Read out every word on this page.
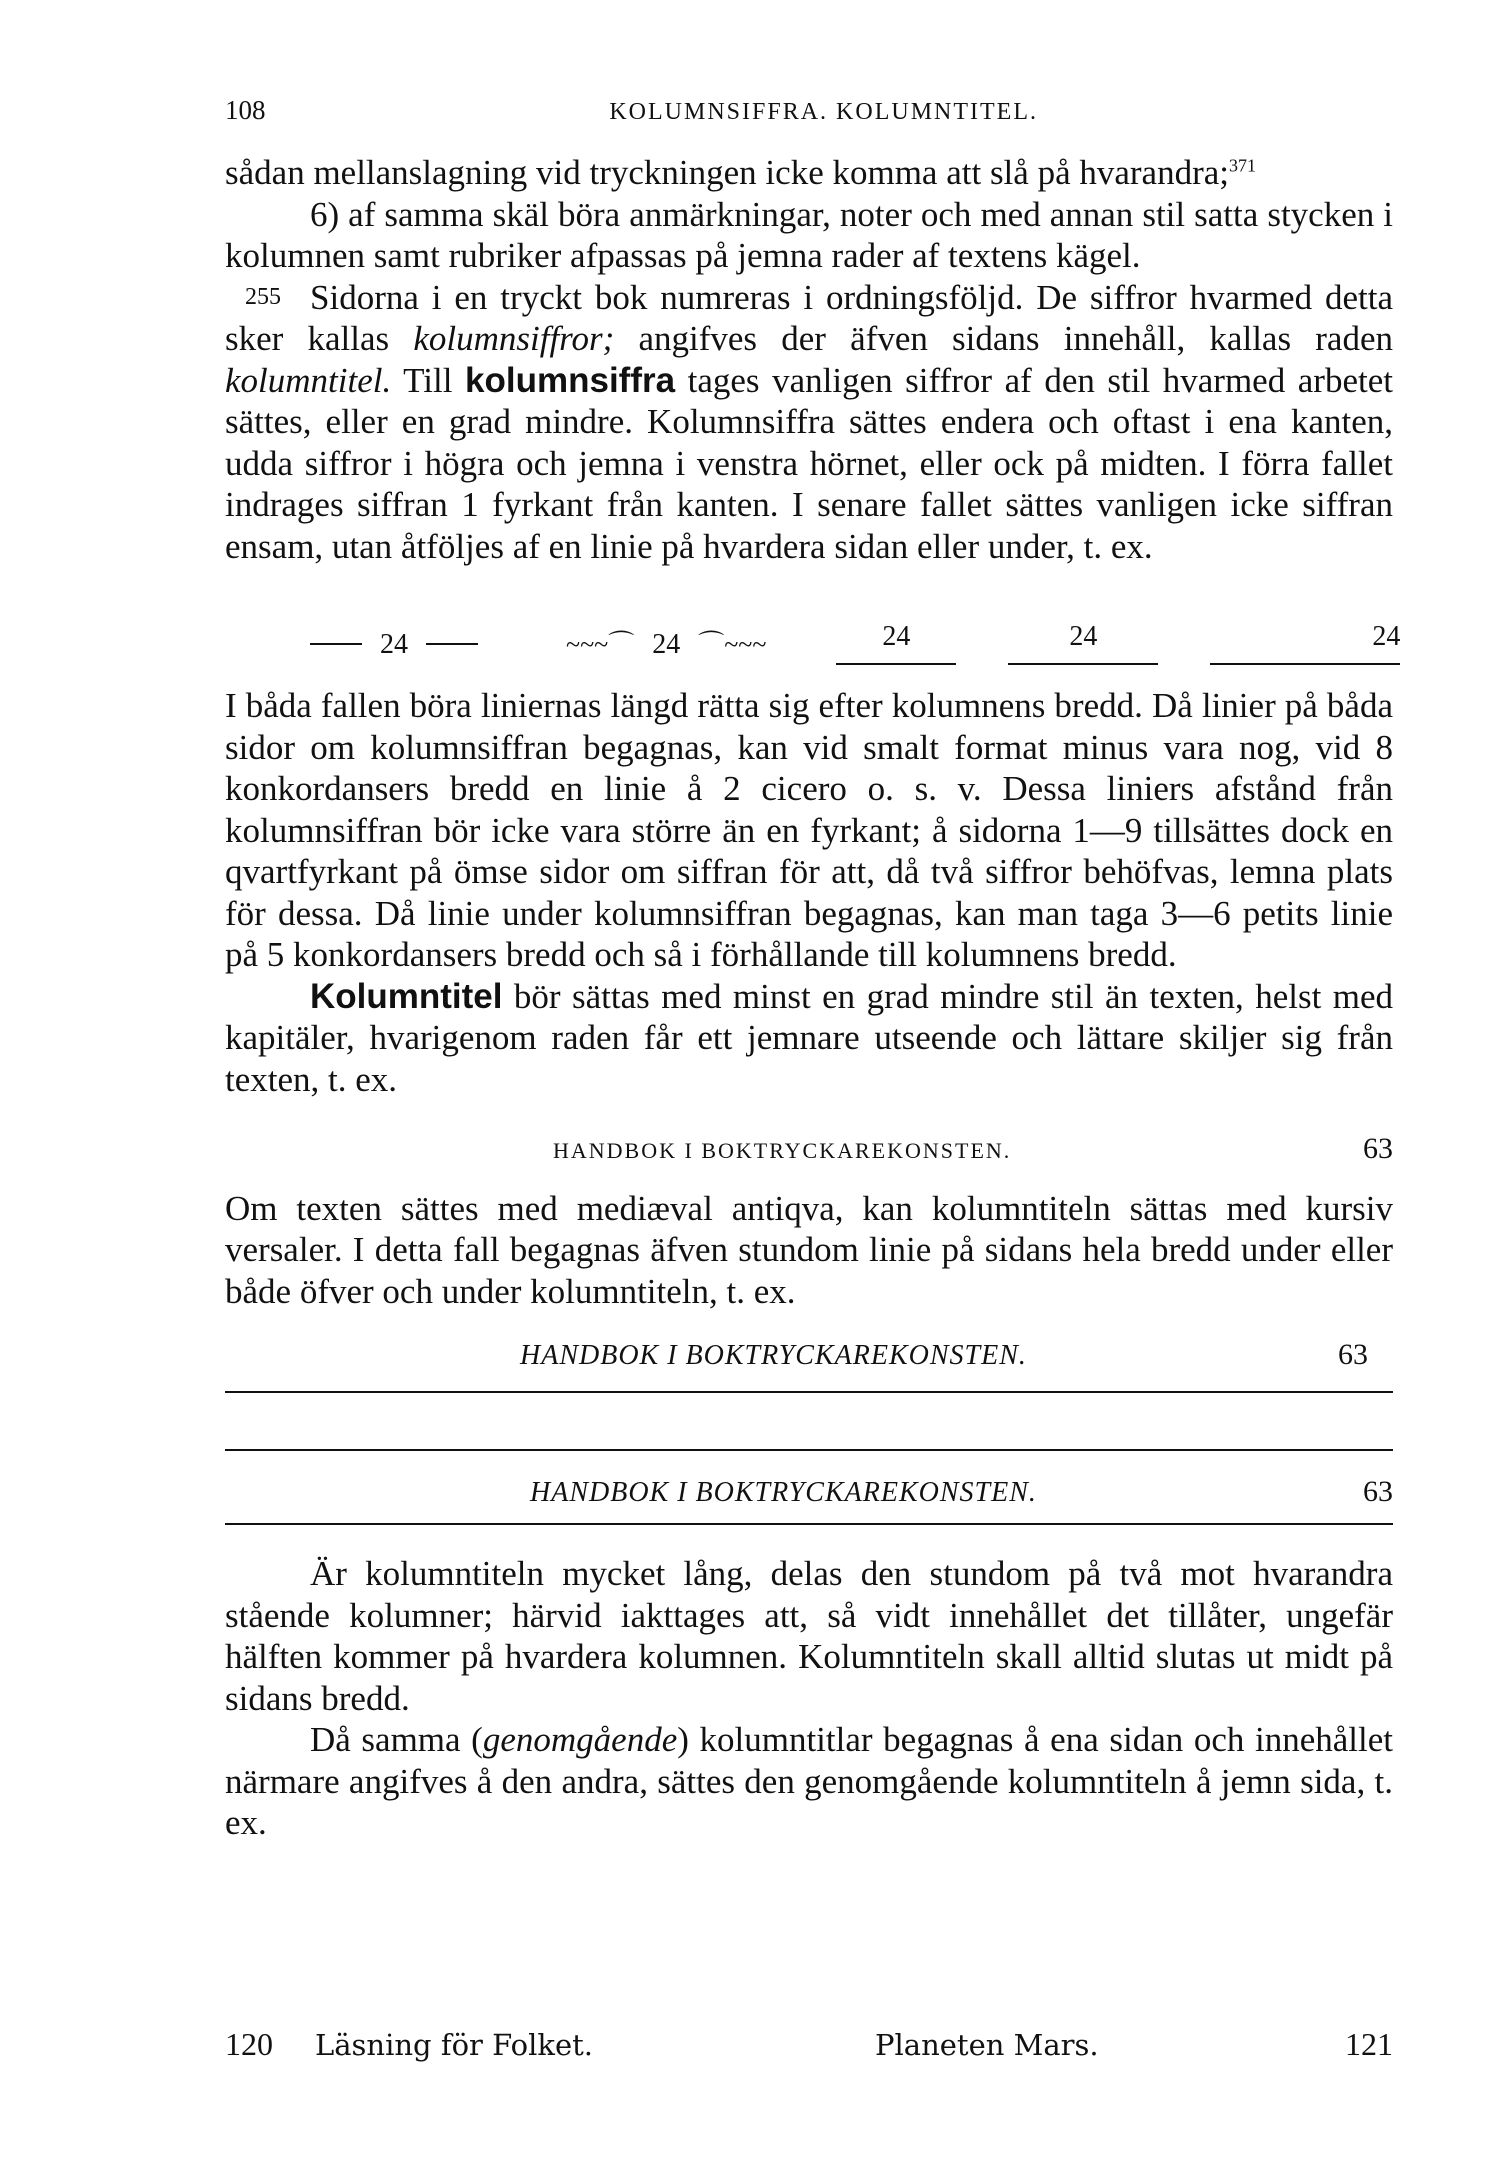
108	KOLUMNSIFFRA. KOLUMNTITEL.

sådan mellanslagning vid tryckningen icke komma att slå på hvarandra;$^{371}$

6) af samma skäl böra anmärkningar, noter och med annan stil satta stycken i kolumnen samt rubriker afpassas på jemna rader af textens kägel.

255 Sidorna i en tryckt bok numreras i ordningsföljd. De siffror hvarmed detta sker kallas kolumnsiffror; angifves der äfven sidans innehåll, kallas raden kolumntitel. Till kolumnsiffra tages vanligen siffror af den stil hvarmed arbetet sättes, eller en grad mindre. Kolumnsiffra sättes endera och oftast i ena kanten, udda siffror i högra och jemna i venstra hörnet, eller ock på midten. I förra fallet indrages siffran 1 fyrkant från kanten. I senare fallet sättes vanligen icke siffran ensam, utan åtföljes af en linie på hvardera sidan eller under, t. ex.

24	~~~⌒ 24 ⌒~~~	24	24	24

I båda fallen böra liniernas längd rätta sig efter kolumnens bredd. Då linier på båda sidor om kolumnsiffran begagnas, kan vid smalt format minus vara nog, vid 8 konkordansers bredd en linie å 2 cicero o. s. v. Dessa liniers afstånd från kolumnsiffran bör icke vara större än en fyrkant; å sidorna 1—9 tillsättes dock en qvartfyrkant på ömse sidor om siffran för att, då två siffror behöfvas, lemna plats för dessa. Då linie under kolumnsiffran begagnas, kan man taga 3—6 petits linie på 5 konkordansers bredd och så i förhållande till kolumnens bredd.

Kolumntitel bör sättas med minst en grad mindre stil än texten, helst med kapitäler, hvarigenom raden får ett jemnare utseende och lättare skiljer sig från texten, t. ex.

HANDBOK I BOKTRYCKAREKONSTEN.	63

Om texten sättes med mediæval antiqva, kan kolumntiteln sättas med kursiv versaler. I detta fall begagnas äfven stundom linie på sidans hela bredd under eller både öfver och under kolumntiteln, t. ex.

HANDBOK I BOKTRYCKAREKONSTEN.	63
HANDBOK I BOKTRYCKAREKONSTEN.	63

Är kolumntiteln mycket lång, delas den stundom på två mot hvarandra stående kolumner; härvid iakttages att, så vidt innehållet det tillåter, ungefär hälften kommer på hvardera kolumnen. Kolumntiteln skall alltid slutas ut midt på sidans bredd.

Då samma (genomgående) kolumntitlar begagnas å ena sidan och innehållet närmare angifves å den andra, sättes den genomgående kolumntiteln å jemn sida, t. ex.

120	Läsning för Folket.	Planeten Mars.	121
